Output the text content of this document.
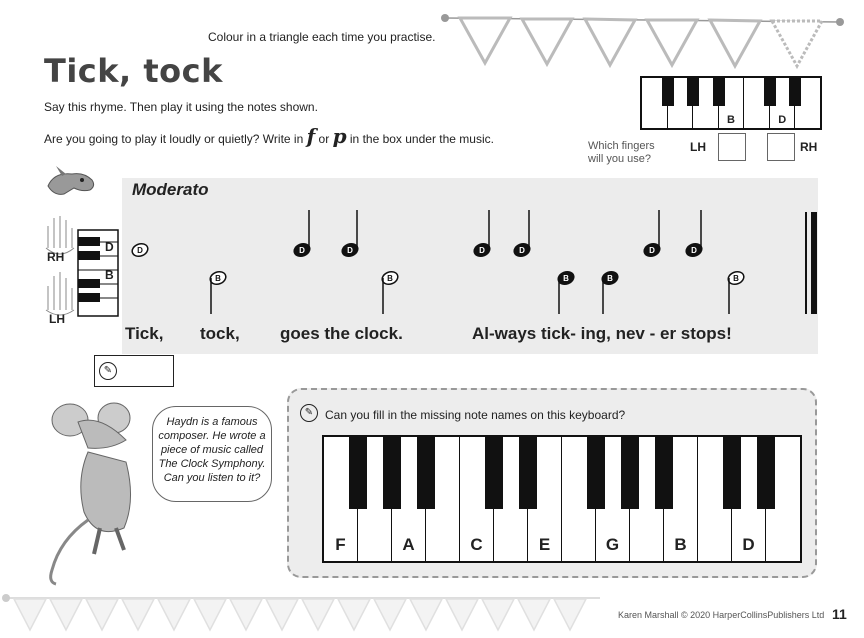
Colour in a triangle each time you practise.
Tick, tock
Say this rhyme. Then play it using the notes shown.
Are you going to play it loudly or quietly? Write in f or p in the box under the music.
B	D
Which fingers
will you use?
LH	RH
RH
LH
D
B
Moderato
D
B
D	D
B
D	D
B	B
D	D
B
Tick, tock, goes the clock.	Al-ways tick- ing, nev - er stops!
✎
Haydn is a famous composer. He wrote a piece of music called The Clock Symphony. Can you listen to it?
✎ Can you fill in the missing note names on this keyboard?
F	A	C	E	G	B	D
Karen Marshall © 2020 HarperCollinsPublishers Ltd 11
